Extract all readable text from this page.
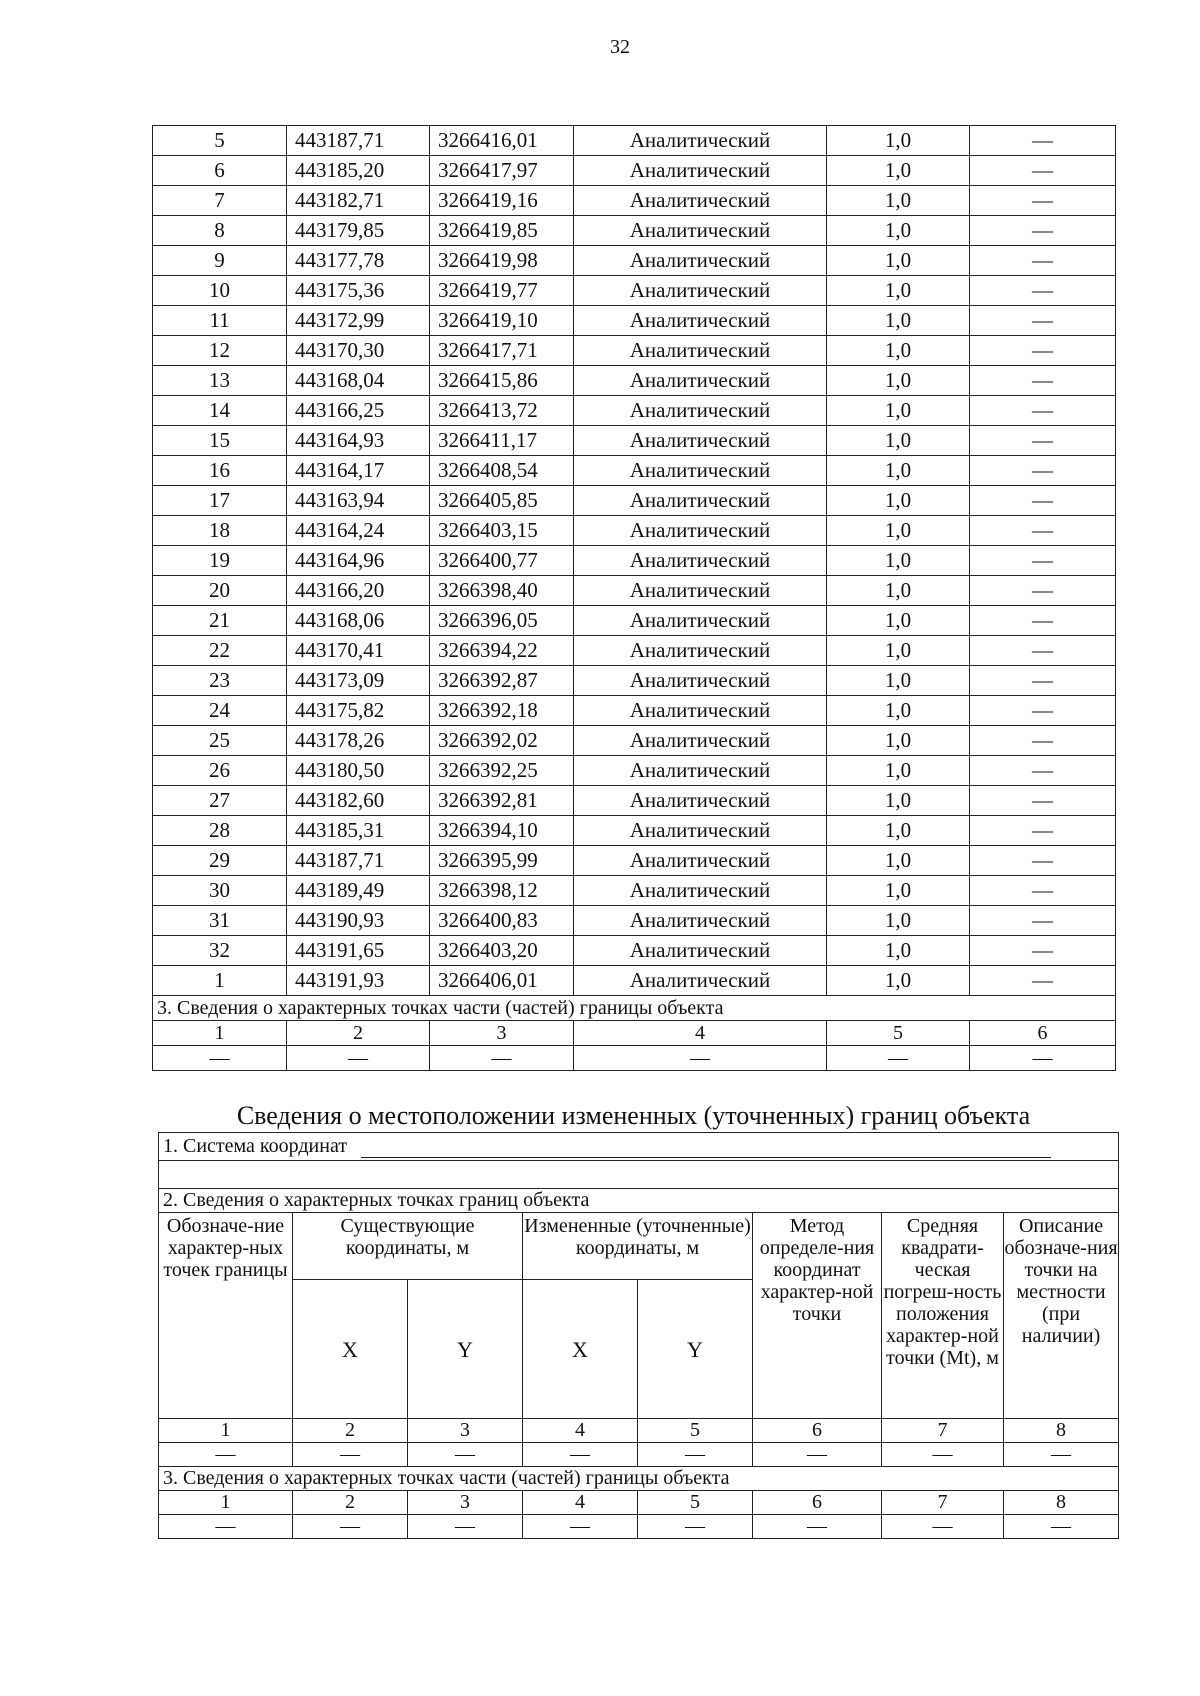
32
5	443187,71	3266416,01	Аналитический	1,0	—
6	443185,20	3266417,97	Аналитический	1,0	—
7	443182,71	3266419,16	Аналитический	1,0	—
8	443179,85	3266419,85	Аналитический	1,0	—
9	443177,78	3266419,98	Аналитический	1,0	—
10	443175,36	3266419,77	Аналитический	1,0	—
11	443172,99	3266419,10	Аналитический	1,0	—
12	443170,30	3266417,71	Аналитический	1,0	—
13	443168,04	3266415,86	Аналитический	1,0	—
14	443166,25	3266413,72	Аналитический	1,0	—
15	443164,93	3266411,17	Аналитический	1,0	—
16	443164,17	3266408,54	Аналитический	1,0	—
17	443163,94	3266405,85	Аналитический	1,0	—
18	443164,24	3266403,15	Аналитический	1,0	—
19	443164,96	3266400,77	Аналитический	1,0	—
20	443166,20	3266398,40	Аналитический	1,0	—
21	443168,06	3266396,05	Аналитический	1,0	—
22	443170,41	3266394,22	Аналитический	1,0	—
23	443173,09	3266392,87	Аналитический	1,0	—
24	443175,82	3266392,18	Аналитический	1,0	—
25	443178,26	3266392,02	Аналитический	1,0	—
26	443180,50	3266392,25	Аналитический	1,0	—
27	443182,60	3266392,81	Аналитический	1,0	—
28	443185,31	3266394,10	Аналитический	1,0	—
29	443187,71	3266395,99	Аналитический	1,0	—
30	443189,49	3266398,12	Аналитический	1,0	—
31	443190,93	3266400,83	Аналитический	1,0	—
32	443191,65	3266403,20	Аналитический	1,0	—
1	443191,93	3266406,01	Аналитический	1,0	—
3. Сведения о характерных точках части (частей) границы объекта					
1	2	3	4	5	6
—	—	—	—	—	—
Сведения о местоположении измененных (уточненных) границ объекта
1. Система координат							

2. Сведения о характерных точках границ объекта							
Обозначе-ние характер-ных точек границы	Существующие координаты, м		Измененные (уточненные) координаты, м		Метод определе-ния координат характер-ной точки	Средняя квадрати-ческая погреш-ность положения характер-ной точки (Mt), м	Описание обозначе-ния точки на местности (при наличии)
	X	Y	X	Y			
1	2	3	4	5	6	7	8
—	—	—	—	—	—	—	—
3. Сведения о характерных точках части (частей) границы объекта							
1	2	3	4	5	6	7	8
—	—	—	—	—	—	—	—
